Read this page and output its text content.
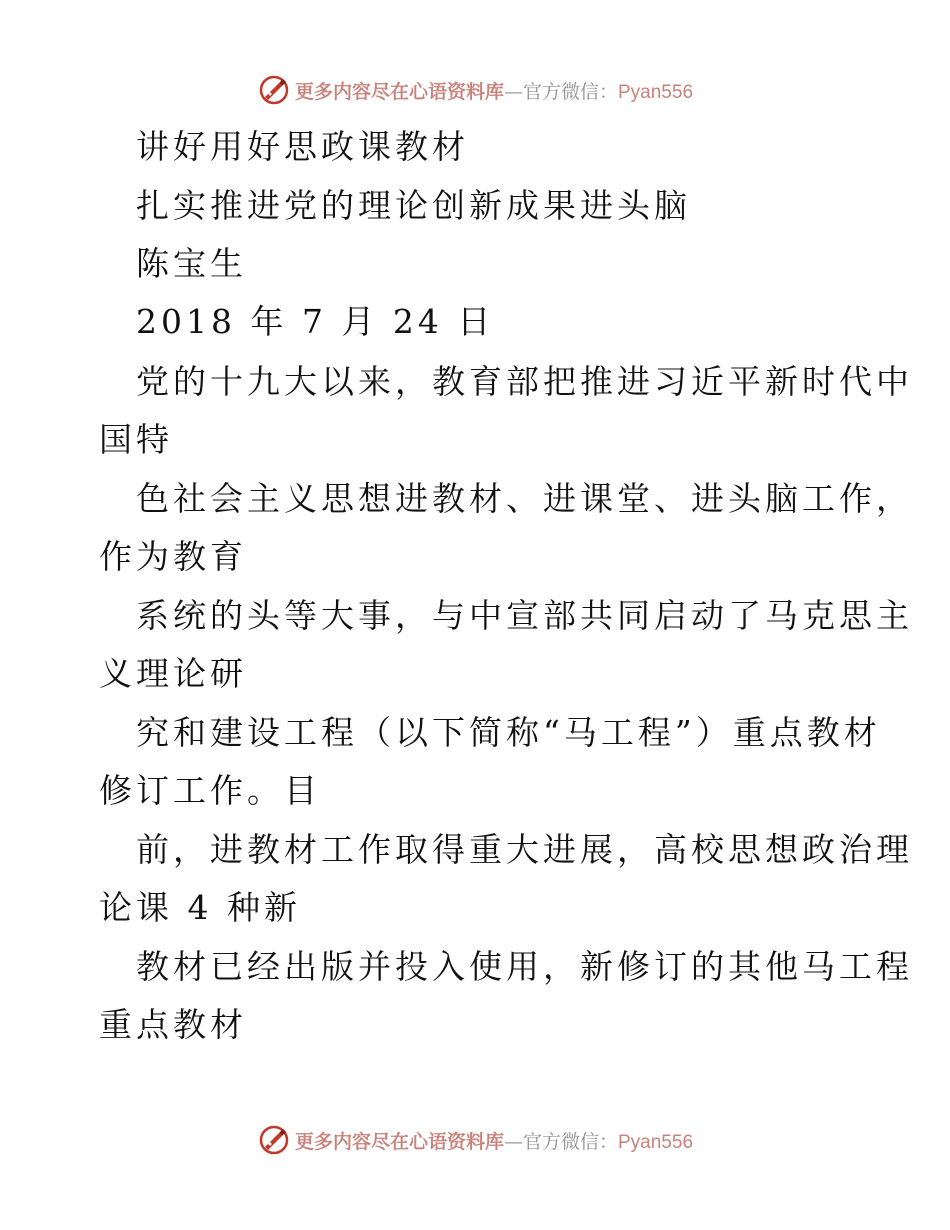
更多内容尽在心语资料库—官方微信：Pyan556
讲好用好思政课教材
扎实推进党的理论创新成果进头脑
陈宝生
2018 年 7 月 24 日
党的十九大以来，教育部把推进习近平新时代中
国特
色社会主义思想进教材、进课堂、进头脑工作，
作为教育
系统的头等大事，与中宣部共同启动了马克思主
义理论研
究和建设工程（以下简称“马工程”）重点教材
修订工作。目
前，进教材工作取得重大进展，高校思想政治理
论课 4 种新
教材已经出版并投入使用，新修订的其他马工程
重点教材
更多内容尽在心语资料库—官方微信：Pyan556
